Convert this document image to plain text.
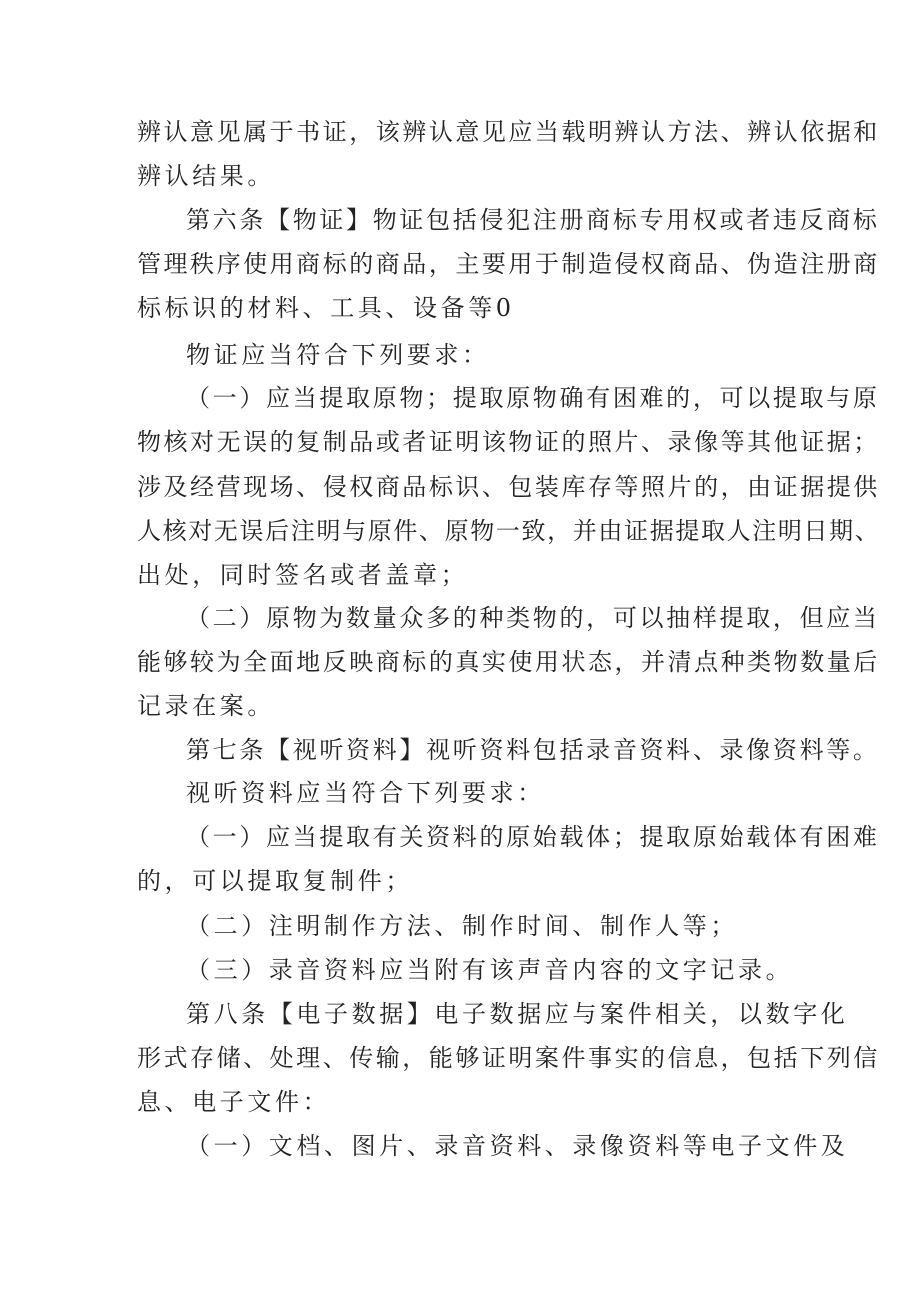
辨认意见属于书证，该辨认意见应当载明辨认方法、辨认依据和
辨认结果。
第六条【物证】物证包括侵犯注册商标专用权或者违反商标
管理秩序使用商标的商品，主要用于制造侵权商品、伪造注册商
标标识的材料、工具、设备等0
物证应当符合下列要求：
（一）应当提取原物；提取原物确有困难的，可以提取与原
物核对无误的复制品或者证明该物证的照片、录像等其他证据；
涉及经营现场、侵权商品标识、包装库存等照片的，由证据提供
人核对无误后注明与原件、原物一致，并由证据提取人注明日期、
出处，同时签名或者盖章；
（二）原物为数量众多的种类物的，可以抽样提取，但应当
能够较为全面地反映商标的真实使用状态，并清点种类物数量后
记录在案。
第七条【视听资料】视听资料包括录音资料、录像资料等。
视听资料应当符合下列要求：
（一）应当提取有关资料的原始载体；提取原始载体有困难
的，可以提取复制件；
（二）注明制作方法、制作时间、制作人等；
（三）录音资料应当附有该声音内容的文字记录。
第八条【电子数据】电子数据应与案件相关，以数字化
形式存储、处理、传输，能够证明案件事实的信息，包括下列信
息、电子文件：
（一）文档、图片、录音资料、录像资料等电子文件及
